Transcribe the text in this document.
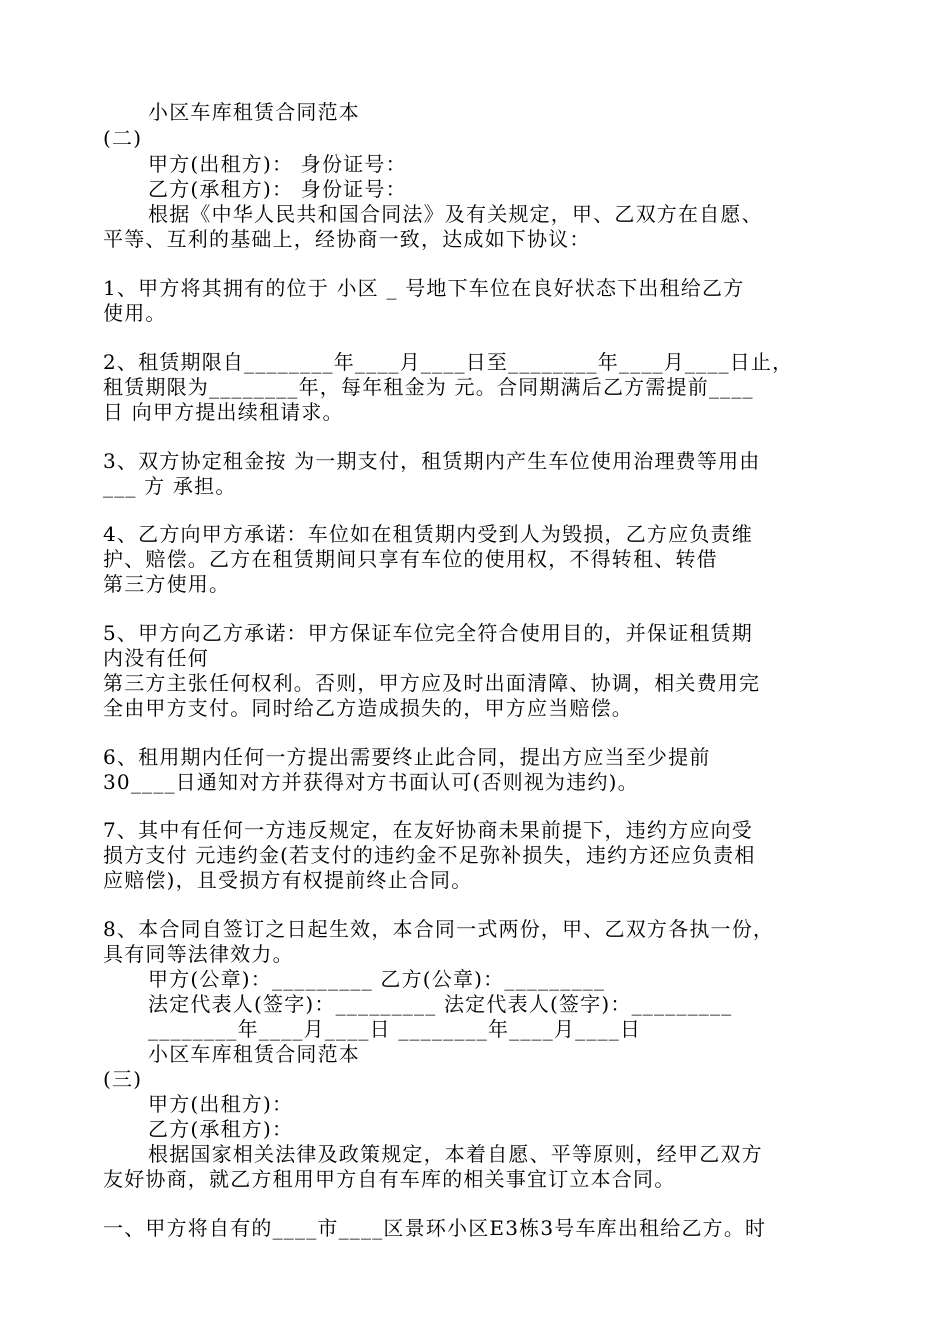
小区车库租赁合同范本
(二)
甲方(出租方)： 身份证号：
乙方(承租方)： 身份证号：
根据《中华人民共和国合同法》及有关规定，甲、乙双方在自愿、
平等、互利的基础上，经协商一致，达成如下协议：
1、甲方将其拥有的位于 小区 _ 号地下车位在良好状态下出租给乙方
使用。
2、租赁期限自________年____月____日至________年____月____日止，
租赁期限为________年，每年租金为 元。合同期满后乙方需提前____
日 向甲方提出续租请求。
3、双方协定租金按 为一期支付，租赁期内产生车位使用治理费等用由
___ 方 承担。
4、乙方向甲方承诺：车位如在租赁期内受到人为毁损，乙方应负责维
护、赔偿。乙方在租赁期间只享有车位的使用权，不得转租、转借
第三方使用。
5、甲方向乙方承诺：甲方保证车位完全符合使用目的，并保证租赁期
内没有任何
第三方主张任何权利。否则，甲方应及时出面清障、协调，相关费用完
全由甲方支付。同时给乙方造成损失的，甲方应当赔偿。
6、租用期内任何一方提出需要终止此合同，提出方应当至少提前
30____日通知对方并获得对方书面认可(否则视为违约)。
7、其中有任何一方违反规定，在友好协商未果前提下，违约方应向受
损方支付 元违约金(若支付的违约金不足弥补损失，违约方还应负责相
应赔偿)，且受损方有权提前终止合同。
8、本合同自签订之日起生效，本合同一式两份，甲、乙双方各执一份，
具有同等法律效力。
甲方(公章)：_________ 乙方(公章)：_________
法定代表人(签字)：_________ 法定代表人(签字)：_________
________年____月____日 ________年____月____日
小区车库租赁合同范本
(三)
甲方(出租方)：
乙方(承租方)：
根据国家相关法律及政策规定，本着自愿、平等原则，经甲乙双方
友好协商，就乙方租用甲方自有车库的相关事宜订立本合同。
一、甲方将自有的____市____区景环小区E3栋3号车库出租给乙方。时
